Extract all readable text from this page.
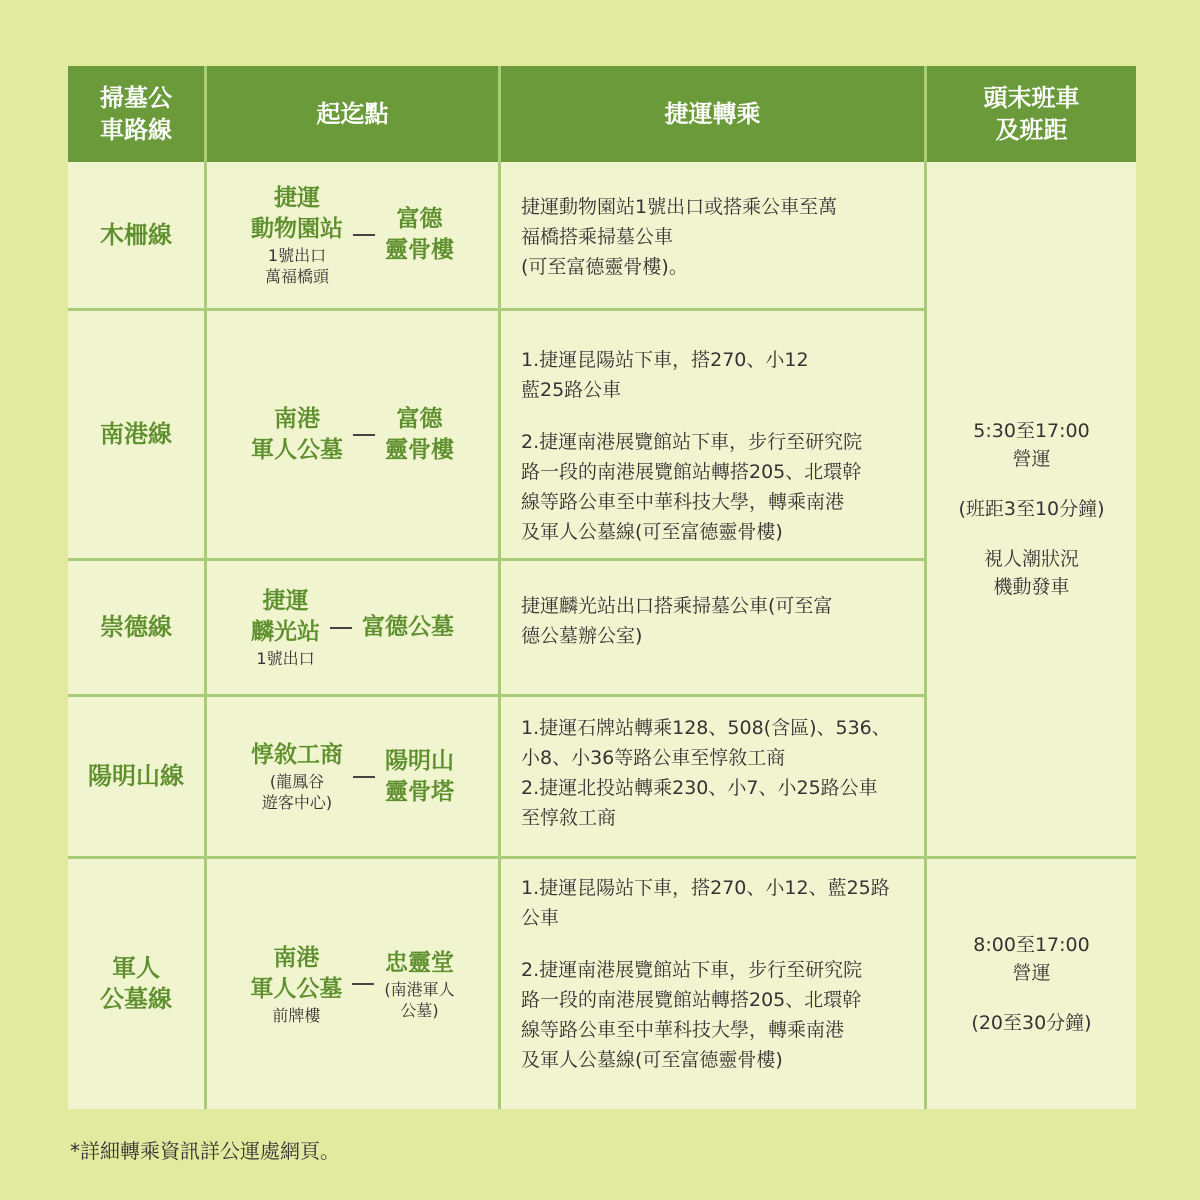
掃墓公
車路線
起迄點	捷運轉乘
頭末班車
及班距
木柵線
捷運
動物園站
1號出口
萬福橋頭
富德
靈骨樓

捷運動物園站1號出口或搭乘公車至萬

福橋搭乘掃墓公車

(可至富德靈骨樓)。

5:30至17:00
營運
(班距3至10分鐘)
視人潮狀況
機動發車
南港線
南港
軍人公墓
富德
靈骨樓

1.捷運昆陽站下車，搭270、小12

藍25路公車

2.捷運南港展覽館站下車，步行至研究院

路一段的南港展覽館站轉搭205、北環幹

線等路公車至中華科技大學，轉乘南港

及軍人公墓線(可至富德靈骨樓)

崇德線
捷運
麟光站
1號出口
富德公墓

捷運麟光站出口搭乘掃墓公車(可至富

德公墓辦公室)

陽明山線
惇敘工商
(龍鳳谷
遊客中心)
陽明山
靈骨塔

1.捷運石牌站轉乘128、508(含區)、536、

小8、小36等路公車至惇敘工商

2.捷運北投站轉乘230、小7、小25路公車

至惇敘工商

軍人
公墓線
南港
軍人公墓
前牌樓
忠靈堂
(南港軍人
公墓)

1.捷運昆陽站下車，搭270、小12、藍25路

公車

2.捷運南港展覽館站下車，步行至研究院

路一段的南港展覽館站轉搭205、北環幹

線等路公車至中華科技大學，轉乘南港

及軍人公墓線(可至富德靈骨樓)

8:00至17:00
營運
(20至30分鐘)
*詳細轉乘資訊詳公運處網頁。
